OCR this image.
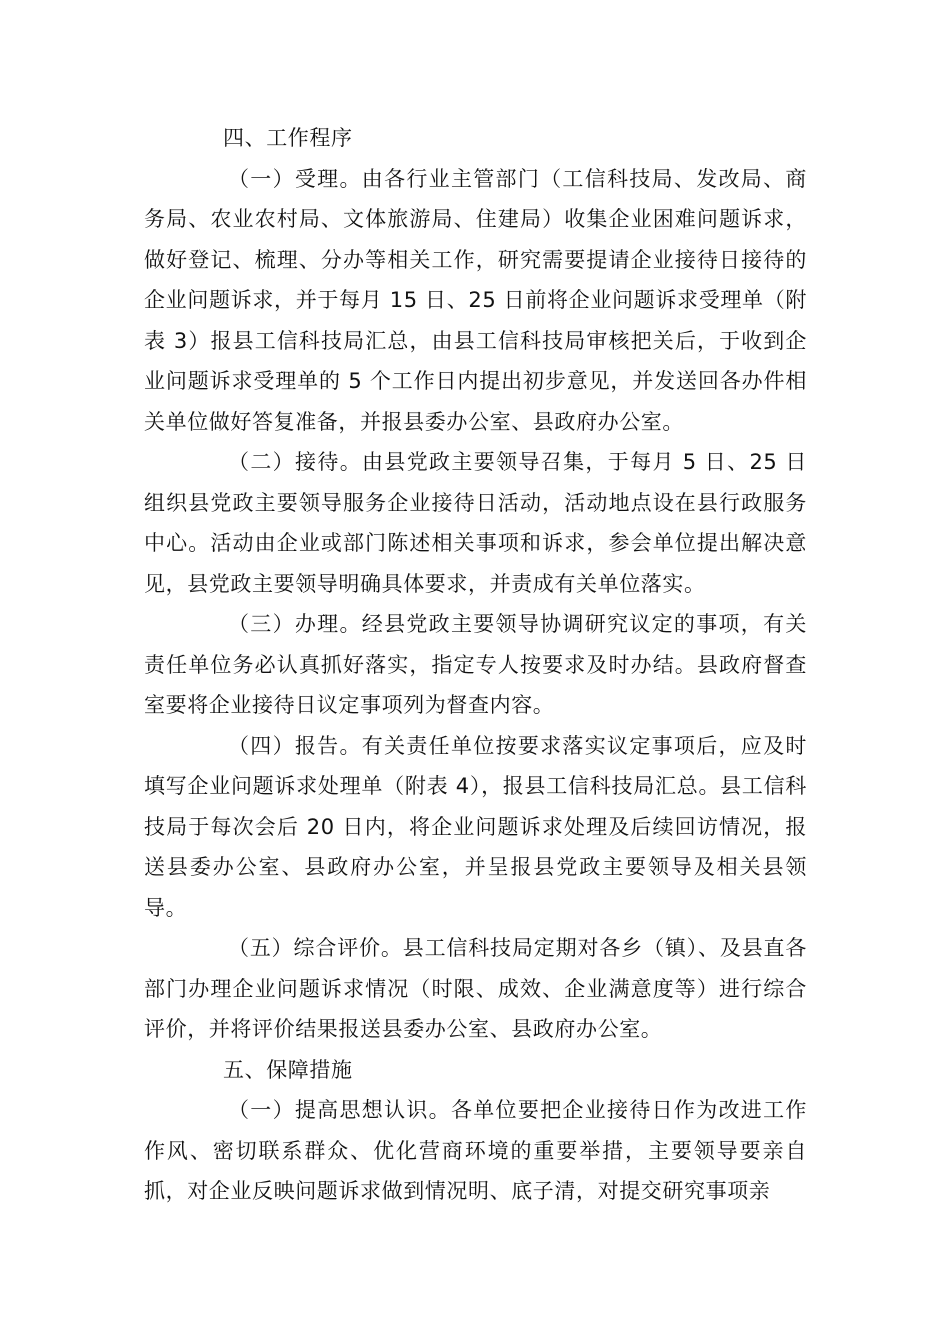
四、工作程序

（一）受理。由各行业主管部门（工信科技局、发改局、商务局、农业农村局、文体旅游局、住建局）收集企业困难问题诉求，做好登记、梳理、分办等相关工作，研究需要提请企业接待日接待的企业问题诉求，并于每月 15 日、25 日前将企业问题诉求受理单（附表 3）报县工信科技局汇总，由县工信科技局审核把关后，于收到企业问题诉求受理单的 5 个工作日内提出初步意见，并发送回各办件相关单位做好答复准备，并报县委办公室、县政府办公室。

（二）接待。由县党政主要领导召集，于每月 5 日、25 日组织县党政主要领导服务企业接待日活动，活动地点设在县行政服务中心。活动由企业或部门陈述相关事项和诉求，参会单位提出解决意见，县党政主要领导明确具体要求，并责成有关单位落实。

（三）办理。经县党政主要领导协调研究议定的事项，有关责任单位务必认真抓好落实，指定专人按要求及时办结。县政府督查室要将企业接待日议定事项列为督查内容。

（四）报告。有关责任单位按要求落实议定事项后，应及时填写企业问题诉求处理单（附表 4），报县工信科技局汇总。县工信科技局于每次会后 20 日内，将企业问题诉求处理及后续回访情况，报送县委办公室、县政府办公室，并呈报县党政主要领导及相关县领导。

（五）综合评价。县工信科技局定期对各乡（镇）、及县直各部门办理企业问题诉求情况（时限、成效、企业满意度等）进行综合评价，并将评价结果报送县委办公室、县政府办公室。

五、保障措施

（一）提高思想认识。各单位要把企业接待日作为改进工作作风、密切联系群众、优化营商环境的重要举措，主要领导要亲自抓，对企业反映问题诉求做到情况明、底子清，对提交研究事项亲
